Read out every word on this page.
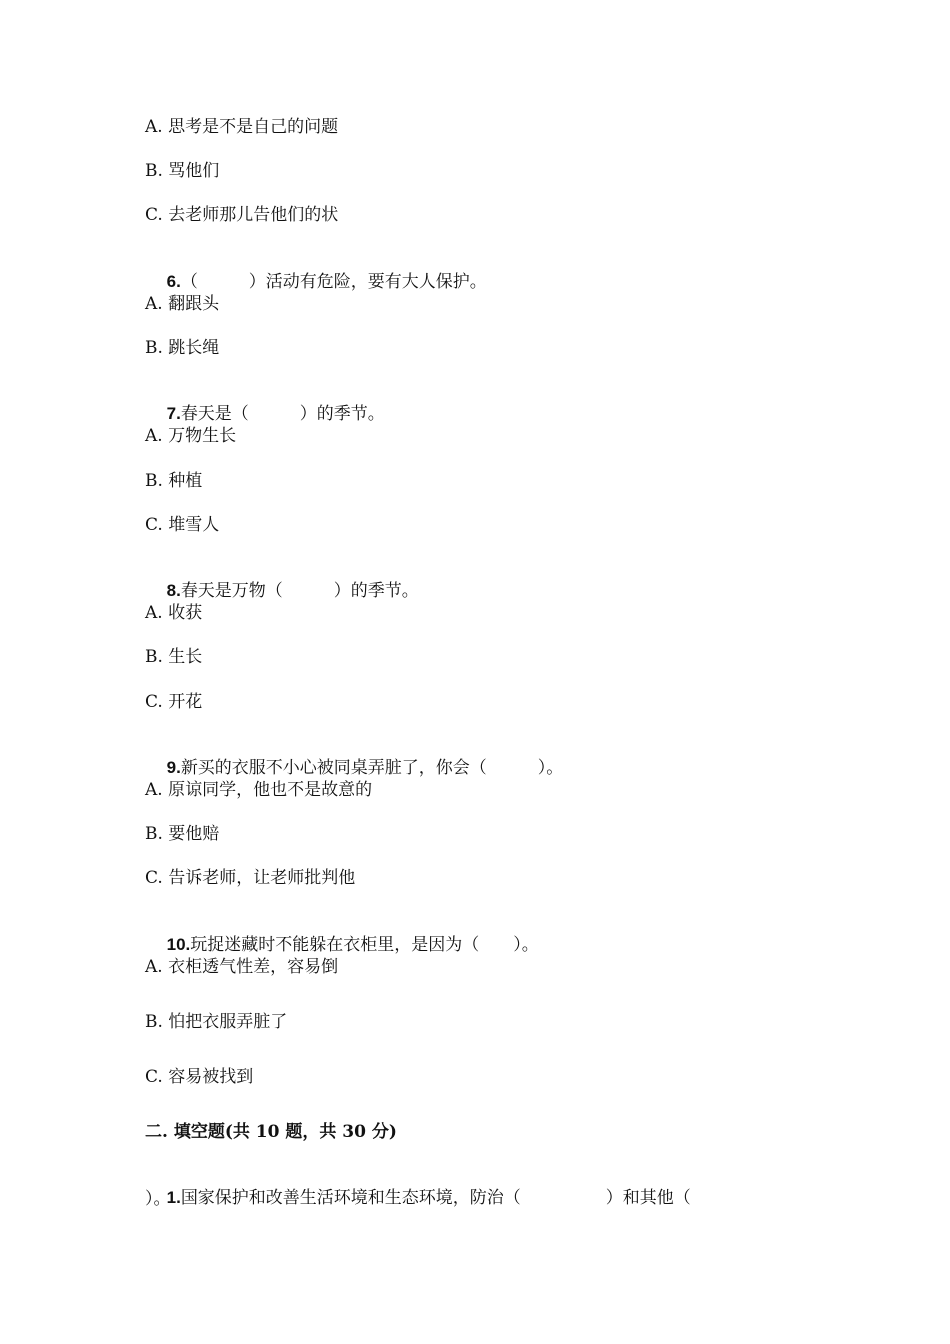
A. 思考是不是自己的问题
B. 骂他们
C. 去老师那儿告他们的状

6.（　　　）活动有危险，要有大人保护。

A. 翻跟头
B. 跳长绳

7.春天是（　　　）的季节。

A. 万物生长
B. 种植
C. 堆雪人

8.春天是万物（　　　）的季节。

A. 收获
B. 生长
C. 开花

9.新买的衣服不小心被同桌弄脏了，你会（　　　）。

A. 原谅同学，他也不是故意的
B. 要他赔
C. 告诉老师，让老师批判他

10.玩捉迷藏时不能躲在衣柜里，是因为（　　）。

A. 衣柜透气性差，容易倒
B. 怕把衣服弄脏了
C. 容易被找到
二. 填空题(共 10 题，共 30 分)

1.国家保护和改善生活环境和生态环境，防治（　　　　　）和其他（

）。
